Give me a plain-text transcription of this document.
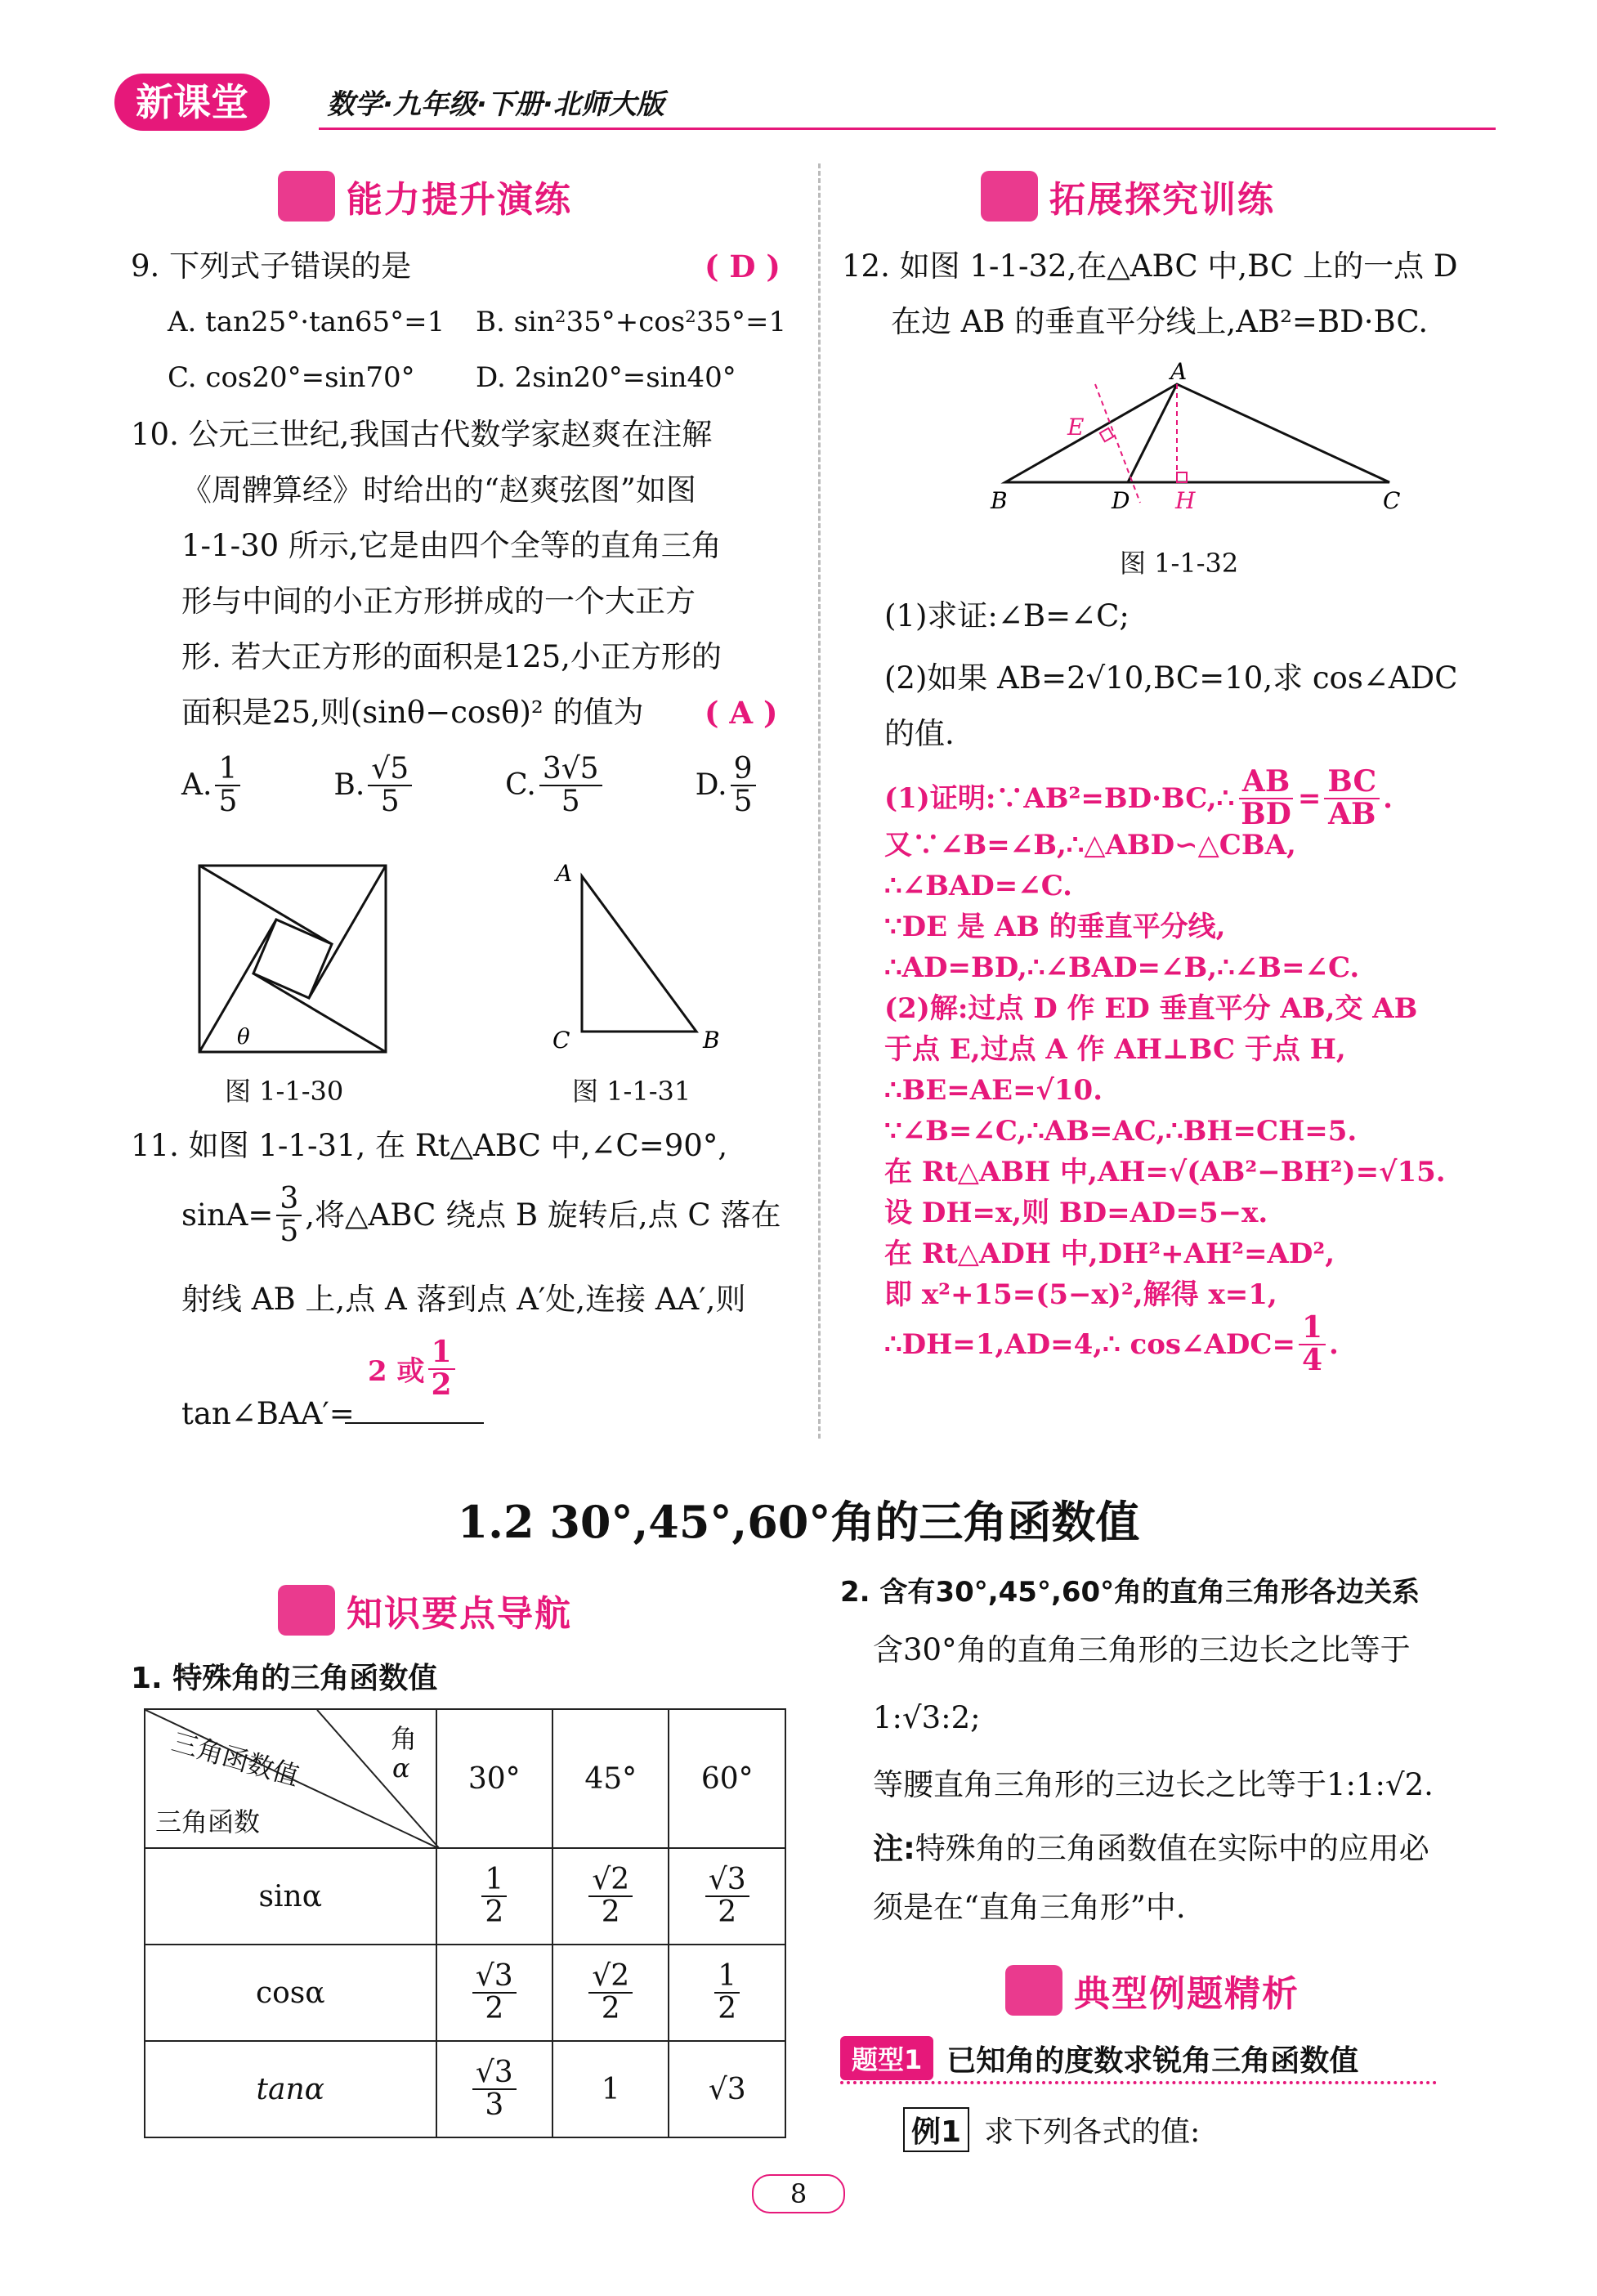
新课堂	数学·九年级·下册·北师大版
能力提升演练
9. 下列式子错误的是	( D )
A. tan25°·tan65°=1 B. sin²35°+cos²35°=1
C. cos20°=sin70° D. 2sin20°=sin40°
10. 公元三世纪,我国古代数学家赵爽在注解
《周髀算经》时给出的“赵爽弦图”如图
1-1-30 所示,它是由四个全等的直角三角
形与中间的小正方形拼成的一个大正方
形. 若大正方形的面积是125,小正方形的
面积是25,则(sinθ−cosθ)² 的值为	( A )
A. $\frac{1}{5}$	B. $\frac{√5}{5}$	C. $\frac{3√5}{5}$	D. $\frac{9}{5}$
θ
A
C	B
图 1-1-30	图 1-1-31
11. 如图 1-1-31, 在 Rt△ABC 中,∠C=90°,
$\sin A= \frac{3}{5}$ ,将△ABC 绕点 B 旋转后,点 C 落在
射线 AB 上,点 A 落到点 A′处,连接 AA′,则
2 或 $\frac{1}{2}$
tan∠BAA′=
拓展探究训练
12. 如图 1-1-32,在△ABC 中,BC 上的一点 D
在边 AB 的垂直平分线上,AB²=BD·BC.
A
B	D H	C
E
图 1-1-32
(1)求证:∠B=∠C;
(2)如果 AB=2√10,BC=10,求 cos∠ADC
的值.
(1)证明:∵AB²=BD·BC,∴ $\frac{AB}{BD} = \frac{BC}{AB}$ .
又∵∠B=∠B,∴△ABD∽△CBA,
∴∠BAD=∠C.
∵DE 是 AB 的垂直平分线,
∴AD=BD,∴∠BAD=∠B,∴∠B=∠C.
(2)解:过点 D 作 ED 垂直平分 AB,交 AB
于点 E,过点 A 作 AH⊥BC 于点 H,
∴BE=AE=√10.
∵∠B=∠C,∴AB=AC,∴BH=CH=5.
在 Rt△ABH 中,AH=√(AB²−BH²)=√15.
设 DH=x,则 BD=AD=5−x.
在 Rt△ADH 中,DH²+AH²=AD²,
即 x²+15=(5−x)²,解得 x=1,
∴DH=1,AD=4,∴ cos∠ADC= $\frac{1}{4}$ .
1.2 30°,45°,60°角的三角函数值
知识要点导航
1. 特殊角的三角函数值
角
α
三角函数值
三角函数	30°	45°	60°
sinα	$\frac{1}{2}$	$\frac{√2}{2}$	$\frac{√3}{2}$

cosα	$\frac{√3}{2}$	$\frac{√2}{2}$	$\frac{1}{2}$

tanα	$\frac{√3}{3}$	1	√3
2. 含有30°,45°,60°角的直角三角形各边关系
含30°角的直角三角形的三边长之比等于
1:√3:2;
等腰直角三角形的三边长之比等于1:1:√2.
注:特殊角的三角函数值在实际中的应用必
须是在“直角三角形”中.
典型例题精析
题型1 已知角的度数求锐角三角函数值
例1 求下列各式的值:
8
